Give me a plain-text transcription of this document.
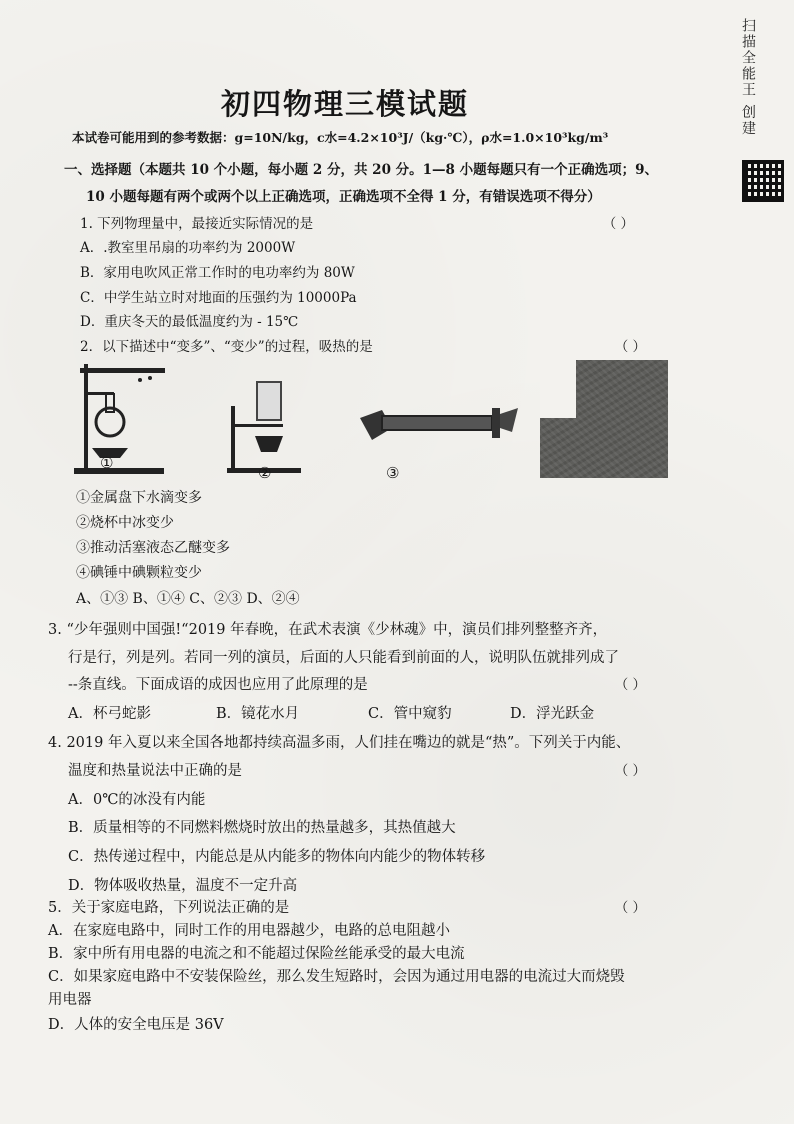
扫描全能王 创建
初四物理三模试题
本试卷可能用到的参考数据：g=10N/kg，c水=4.2×10³J/（kg·℃），ρ水=1.0×10³kg/m³
一、选择题（本题共 10 个小题，每小题 2 分，共 20 分。1—8 小题每题只有一个正确选项；9、
10 小题每题有两个或两个以上正确选项，正确选项不全得 1 分，有错误选项不得分）
1. 下列物理量中，最接近实际情况的是	（ ）
A．.教室里吊扇的功率约为 2000W
B．家用电吹风正常工作时的电功率约为 80W
C．中学生站立时对地面的压强约为 10000Pa
D．重庆冬天的最低温度约为 - 15℃
2．以下描述中“变多”、“变少”的过程，吸热的是	（ ）
①
②	③
①金属盘下水滴变多
②烧杯中冰变少
③推动活塞液态乙醚变多
④碘锤中碘颗粒变少
A、①③ B、①④ C、②③ D、②④
3. “少年强则中国强!“2019 年春晚，在武术表演《少林魂》中，演员们排列整整齐齐，
行是行，列是列。若同一列的演员，后面的人只能看到前面的人，说明队伍就排列成了
--条直线。下面成语的成因也应用了此原理的是	（ ）
A．杯弓蛇影	B．镜花水月	C．管中窥豹	D．浮光跃金
4. 2019 年入夏以来全国各地都持续高温多雨，人们挂在嘴边的就是“热”。下列关于内能、
温度和热量说法中正确的是	（ ）
A．0℃的冰没有内能
B．质量相等的不同燃料燃烧时放出的热量越多，其热值越大
C．热传递过程中，内能总是从内能多的物体向内能少的物体转移
D．物体吸收热量，温度不一定升高
5．关于家庭电路，下列说法正确的是	（ ）
A．在家庭电路中，同时工作的用电器越少，电路的总电阻越小
B．家中所有用电器的电流之和不能超过保险丝能承受的最大电流
C．如果家庭电路中不安装保险丝，那么发生短路时，会因为通过用电器的电流过大而烧毁
用电器
D．人体的安全电压是 36V
